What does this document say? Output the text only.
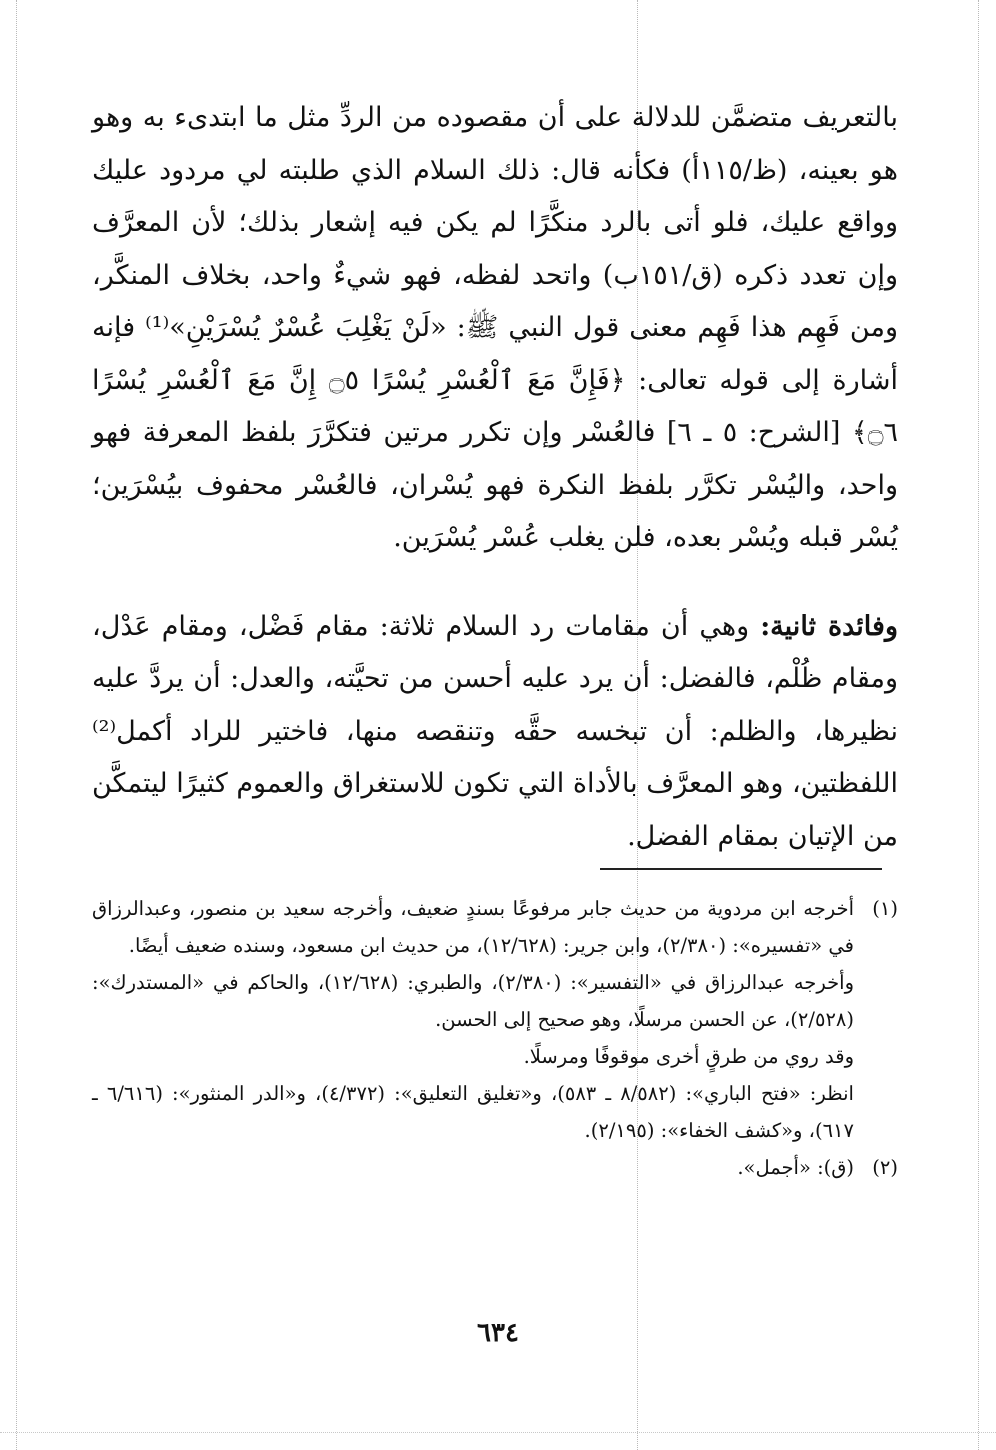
بالتعريف متضمَّن للدلالة على أن مقصوده من الردِّ مثل ما ابتدىء به وهو هو بعينه، (ظ/١١٥أ) فكأنه قال: ذلك السلام الذي طلبته لي مردود عليك وواقع عليك، فلو أتى بالرد منكَّرًا لم يكن فيه إشعار بذلك؛ لأن المعرَّف وإن تعدد ذكره (ق/١٥١ب) واتحد لفظه، فهو شيءٌ واحد، بخلاف المنكَّر، ومن فَهِم هذا فَهِم معنى قول النبي ﷺ: «لَنْ يَغْلِبَ عُسْرٌ يُسْرَيْنِ»⁽¹⁾ فإنه أشارة إلى قوله تعالى: ﴿فَإِنَّ مَعَ ٱلْعُسْرِ يُسْرًا ۝٥ إِنَّ مَعَ ٱلْعُسْرِ يُسْرًا ۝٦﴾ [الشرح: ٥ ـ ٦] فالعُسْر وإن تكرر مرتين فتكرَّرَ بلفظ المعرفة فهو واحد، واليُسْر تكرَّر بلفظ النكرة فهو يُسْران، فالعُسْر محفوف بيُسْرَين؛ يُسْر قبله ويُسْر بعده، فلن يغلب عُسْر يُسْرَين.

وفائدة ثانية: وهي أن مقامات رد السلام ثلاثة: مقام فَضْل، ومقام عَدْل، ومقام ظُلْم، فالفضل: أن يرد عليه أحسن من تحيَّته، والعدل: أن يردَّ عليه نظيرها، والظلم: أن تبخسه حقَّه وتنقصه منها، فاختير للراد أكمل⁽²⁾ اللفظتين، وهو المعرَّف بالأداة التي تكون للاستغراق والعموم كثيرًا ليتمكَّن من الإتيان بمقام الفضل.

(١)

أخرجه ابن مردوية من حديث جابر مرفوعًا بسندٍ ضعيف، وأخرجه سعيد بن منصور، وعبدالرزاق في «تفسيره»: (٢/٣٨٠)، وابن جرير: (١٢/٦٢٨)، من حديث ابن مسعود، وسنده ضعيف أيضًا.

وأخرجه عبدالرزاق في «التفسير»: (٢/٣٨٠)، والطبري: (١٢/٦٢٨)، والحاكم في «المستدرك»: (٢/٥٢٨)، عن الحسن مرسلًا، وهو صحيح إلى الحسن.

وقد روي من طرقٍ أخرى موقوفًا ومرسلًا.

انظر: «فتح الباري»: (٨/٥٨٢ ـ ٥٨٣)، و«تغليق التعليق»: (٤/٣٧٢)، و«الدر المنثور»: (٦/٦١٦ ـ ٦١٧)، و«كشف الخفاء»: (٢/١٩٥).

(٢)

(ق): «أجمل».

٦٣٤
